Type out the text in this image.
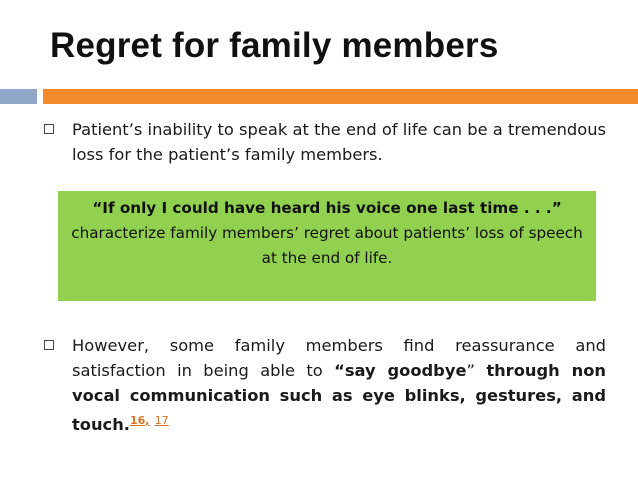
Regret for family members
Patient’s inability to speak at the end of life can be a tremendous loss for the patient’s family members.
“If only I could have heard his voice one last time . . .”
characterize family members’ regret about patients’ loss of speech at the end of life.
However, some family members find reassurance and satisfaction in being able to “say goodbye” through non vocal communication such as eye blinks, gestures, and touch.$^{16,}$ $^{17}$
